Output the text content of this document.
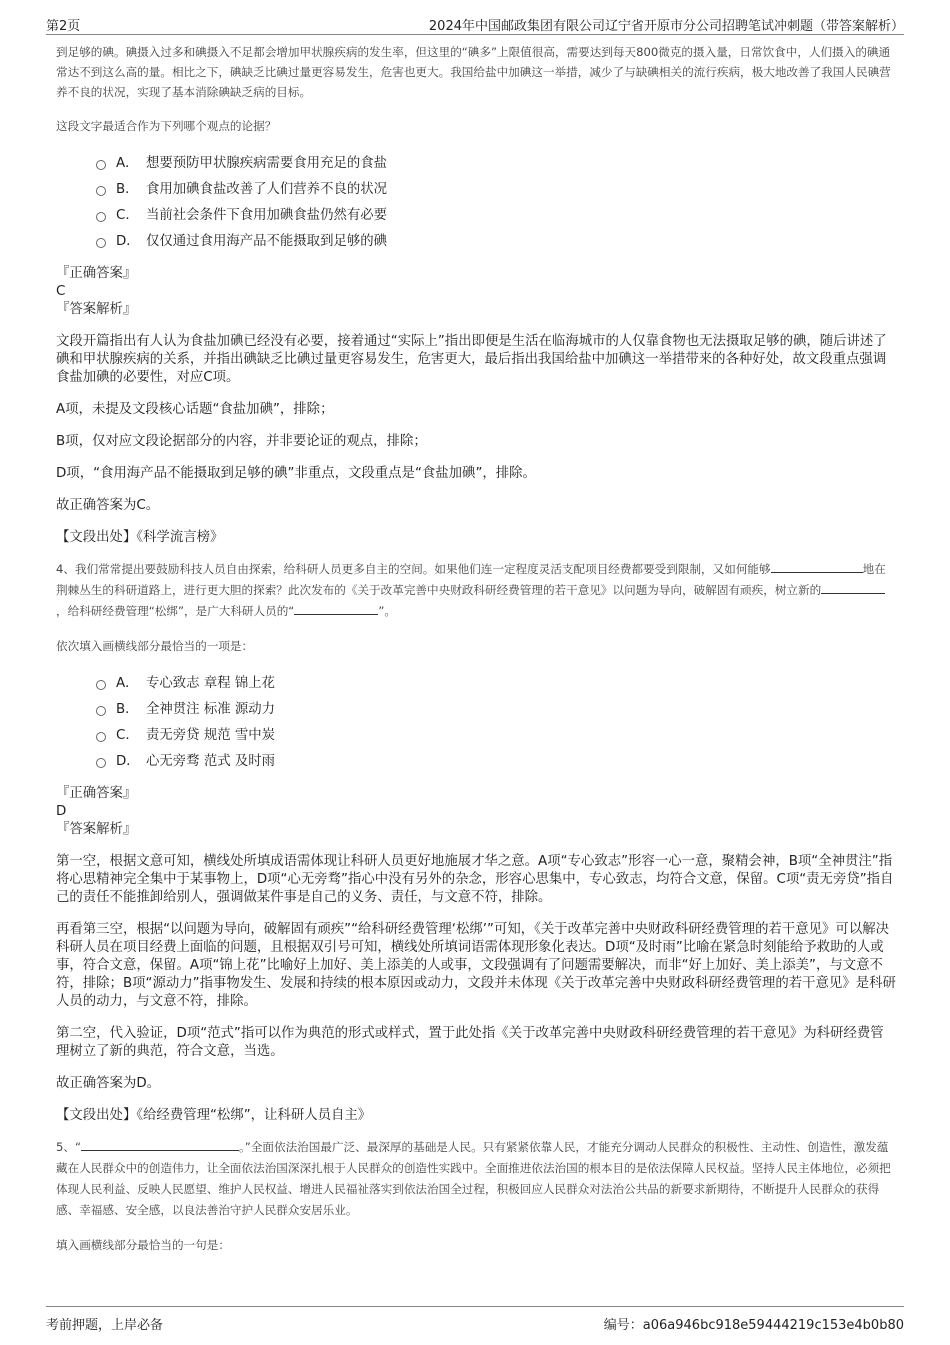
第2页	2024年中国邮政集团有限公司辽宁省开原市分公司招聘笔试冲刺题（带答案解析）

到足够的碘。碘摄入过多和碘摄入不足都会增加甲状腺疾病的发生率，但这里的“碘多”上限值很高，需要达到每天800微克的摄入量，日常饮食中，人们摄入的碘通常达不到这么高的量。相比之下，碘缺乏比碘过量更容易发生，危害也更大。我国给盐中加碘这一举措，减少了与缺碘相关的流行疾病，极大地改善了我国人民碘营养不良的状况，实现了基本消除碘缺乏病的目标。

这段文字最适合作为下列哪个观点的论据？

A． 想要预防甲状腺疾病需要食用充足的食盐
B． 食用加碘食盐改善了人们营养不良的状况
C． 当前社会条件下食用加碘食盐仍然有必要
D． 仅仅通过食用海产品不能摄取到足够的碘

『正确答案』

C

『答案解析』

文段开篇指出有人认为食盐加碘已经没有必要，接着通过“实际上”指出即便是生活在临海城市的人仅靠食物也无法摄取足够的碘，随后讲述了碘和甲状腺疾病的关系，并指出碘缺乏比碘过量更容易发生，危害更大，最后指出我国给盐中加碘这一举措带来的各种好处，故文段重点强调食盐加碘的必要性，对应C项。

A项，未提及文段核心话题“食盐加碘”，排除；

B项，仅对应文段论据部分的内容，并非要论证的观点，排除；

D项，“食用海产品不能摄取到足够的碘”非重点，文段重点是“食盐加碘”，排除。

故正确答案为C。

【文段出处】《科学流言榜》

4、我们常常提出要鼓励科技人员自由探索，给科研人员更多自主的空间。如果他们连一定程度灵活支配项目经费都要受到限制，又如何能够	地在荆棘丛生的科研道路上，进行更大胆的探索？此次发布的《关于改革完善中央财政科研经费管理的若干意见》以问题为导向，破解固有顽疾，树立新的，给科研经费管理“松绑”，是广大科研人员的“	”。

依次填入画横线部分最恰当的一项是：

A． 专心致志 章程 锦上花
B． 全神贯注 标准 源动力
C． 责无旁贷 规范 雪中炭
D． 心无旁骛 范式 及时雨

『正确答案』

D

『答案解析』

第一空，根据文意可知，横线处所填成语需体现让科研人员更好地施展才华之意。A项“专心致志”形容一心一意，聚精会神，B项“全神贯注”指将心思精神完全集中于某事物上，D项“心无旁骛”指心中没有另外的杂念，形容心思集中，专心致志，均符合文意，保留。C项“责无旁贷”指自己的责任不能推卸给别人，强调做某件事是自己的义务、责任，与文意不符，排除。

再看第三空，根据“以问题为导向，破解固有顽疾”“给科研经费管理‘松绑’”可知，《关于改革完善中央财政科研经费管理的若干意见》可以解决科研人员在项目经费上面临的问题，且根据双引号可知，横线处所填词语需体现形象化表达。D项“及时雨”比喻在紧急时刻能给予救助的人或事，符合文意，保留。A项“锦上花”比喻好上加好、美上添美的人或事，文段强调有了问题需要解决，而非“好上加好、美上添美”，与文意不符，排除；B项“源动力”指事物发生、发展和持续的根本原因或动力，文段并未体现《关于改革完善中央财政科研经费管理的若干意见》是科研人员的动力，与文意不符，排除。

第二空，代入验证，D项“范式”指可以作为典范的形式或样式，置于此处指《关于改革完善中央财政科研经费管理的若干意见》为科研经费管理树立了新的典范，符合文意，当选。

故正确答案为D。

【文段出处】《给经费管理“松绑”，让科研人员自主》

5、“	。”全面依法治国最广泛、最深厚的基础是人民。只有紧紧依靠人民，才能充分调动人民群众的积极性、主动性、创造性，激发蕴藏在人民群众中的创造伟力，让全面依法治国深深扎根于人民群众的创造性实践中。全面推进依法治国的根本目的是依法保障人民权益。坚持人民主体地位，必须把体现人民利益、反映人民愿望、维护人民权益、增进人民福祉落实到依法治国全过程，积极回应人民群众对法治公共品的新要求新期待，不断提升人民群众的获得感、幸福感、安全感，以良法善治守护人民群众安居乐业。

填入画横线部分最恰当的一句是：

考前押题，上岸必备	编号：a06a946bc918e59444219c153e4b0b80
